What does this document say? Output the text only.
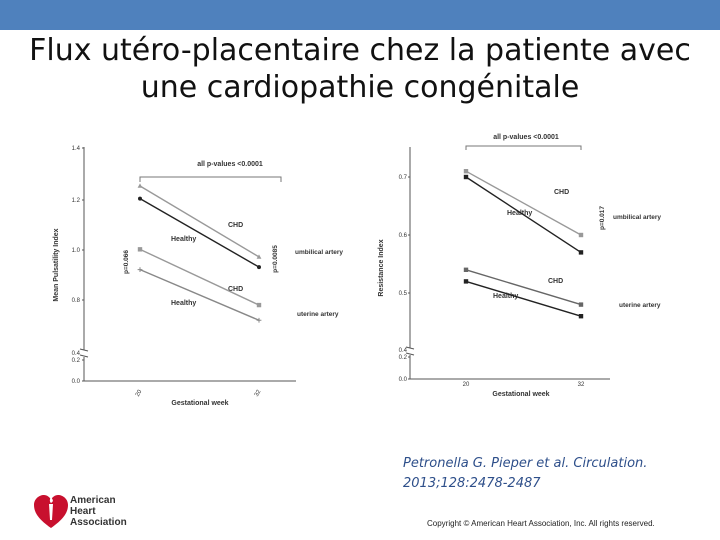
Flux utéro-placentaire chez la patiente avec
une cardiopathie congénitale
1.4
1.2
1.0
0.8
0.4
0.2
0.0
Mean Pulsatility Index
20	32
Gestational week
all p-values <0.0001
p=0.066	p=0.0085
CHD
Healthy
CHD
Healthy
umbilical artery
uterine artery
0.7
0.6
0.5
0.4
0.2
0.0
Resistance Index
20	32
Gestational week
all p-values <0.0001
p=0.017
CHD
Healthy
CHD
Healthy
umbilical artery
uterine artery
Petronella G. Pieper et al. Circulation.
2013;128:2478-2487
American
Heart
Association	Copyright © American Heart Association, Inc. All rights reserved.
